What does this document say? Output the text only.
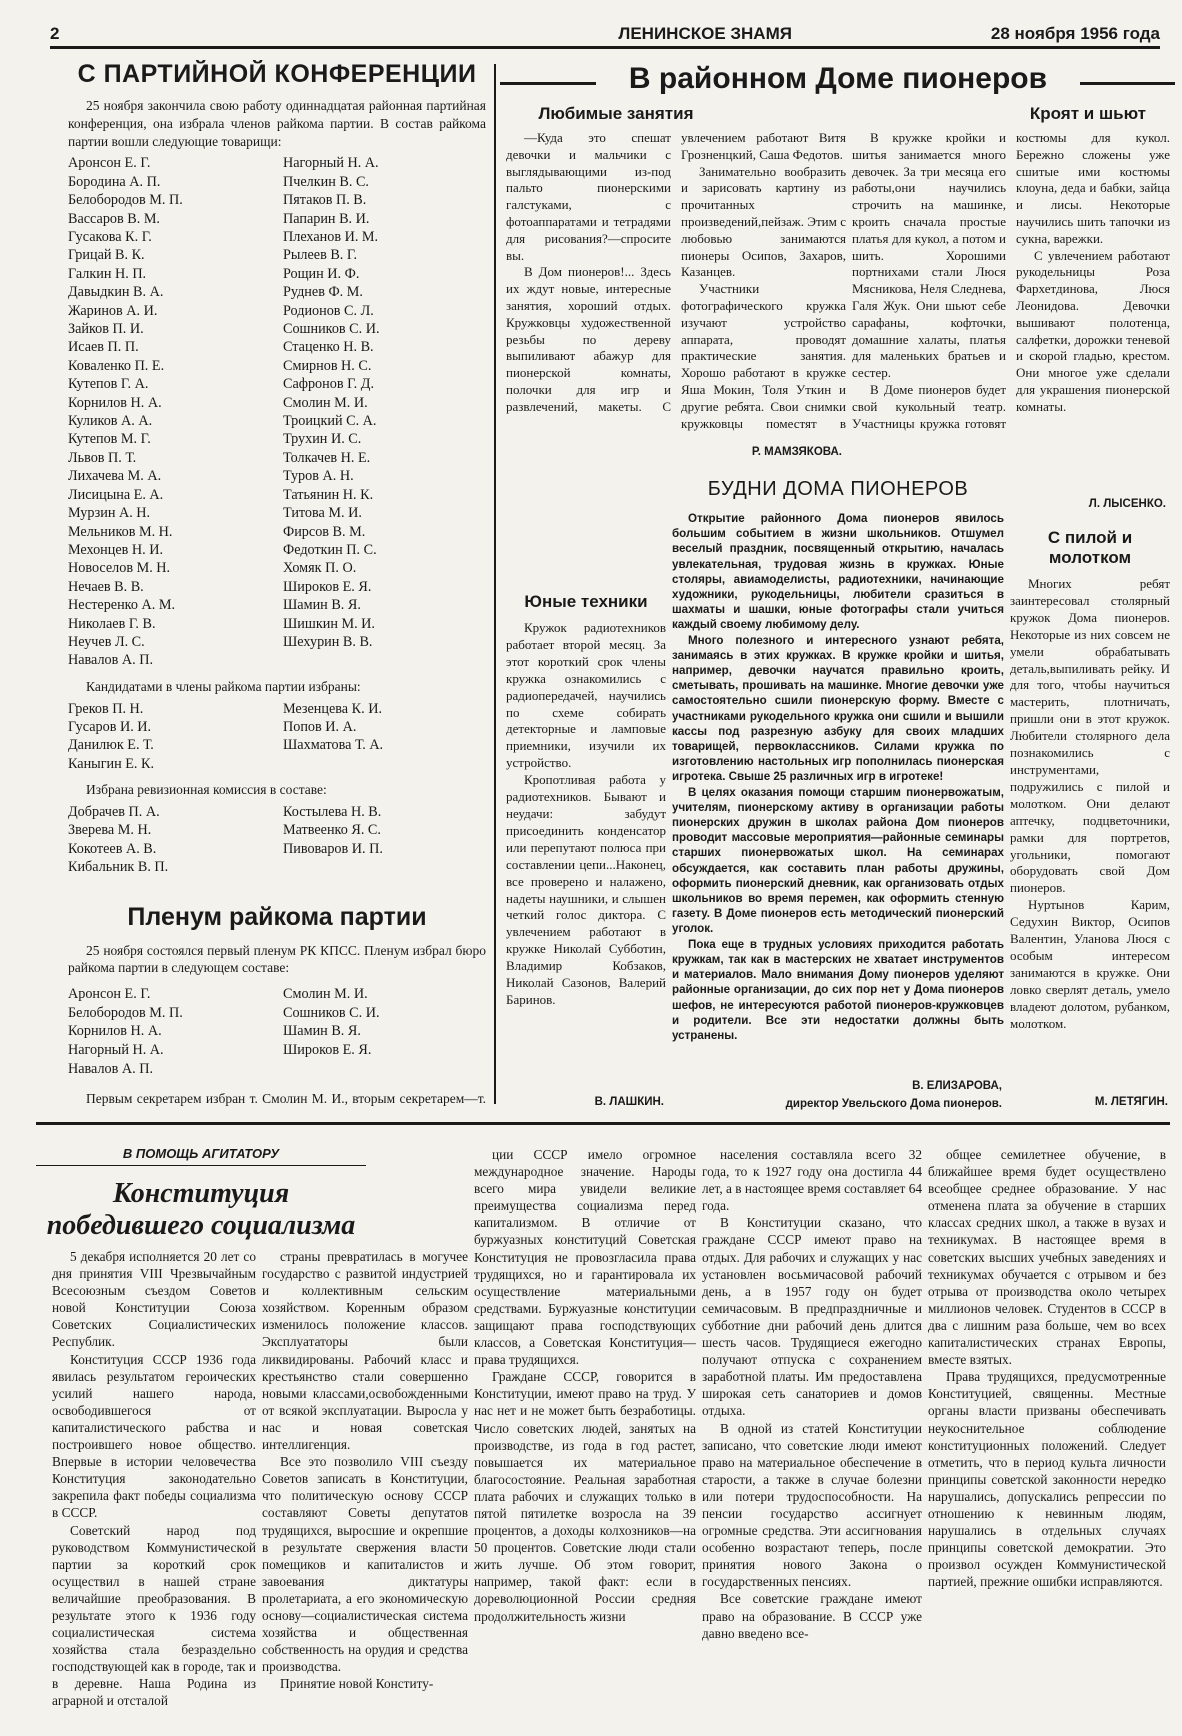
2	ЛЕНИНСКОЕ ЗНАМЯ	28 ноября 1956 года
С ПАРТИЙНОЙ КОНФЕРЕНЦИИ

25 ноября закончила свою работу одиннадцатая районная партийная конференция, она избрала членов райкома партии. В состав райкома партии вошли следующие товарищи:

Аронсон Е. Г.	Нагорный Н. А.
Бородина А. П.	Пчелкин В. С.
Белобородов М. П.	Пятаков П. В.
Вассаров В. М.	Папарин В. И.
Гусакова К. Г.	Плеханов И. М.
Грицай В. К.	Рылеев В. Г.
Галкин Н. П.	Рощин И. Ф.
Давыдкин В. А.	Руднев Ф. М.
Жаринов А. И.	Родионов С. Л.
Зайков П. И.	Сошников С. И.
Исаев П. П.	Стаценко Н. В.
Коваленко П. Е.	Смирнов Н. С.
Кутепов Г. А.	Сафронов Г. Д.
Корнилов Н. А.	Смолин М. И.
Куликов А. А.	Троицкий С. А.
Кутепов М. Г.	Трухин И. С.
Львов П. Т.	Толкачев Н. Е.
Лихачева М. А.	Туров А. Н.
Лисицына Е. А.	Татьянин Н. К.
Мурзин А. Н.	Титова М. И.
Мельников М. Н.	Фирсов В. М.
Мехонцев Н. И.	Федоткин П. С.
Новоселов М. Н.	Хомяк П. О.
Нечаев В. В.	Широков Е. Я.
Нестеренко А. М.	Шамин В. Я.
Николаев Г. В.	Шишкин М. И.
Неучев Л. С.	Шехурин В. В.
Навалов А. П.

Кандидатами в члены райкома партии избраны:

Греков П. Н.	Мезенцева К. И.
Гусаров И. И.	Попов И. А.
Данилюк Е. Т.	Шахматова Т. А.
Каныгин Е. К.

Избрана ревизионная комиссия в составе:

Добрачев П. А.	Костылева Н. В.
Зверева М. Н.	Матвеенко Я. С.
Кокотеев А. В.	Пивоваров И. П.
Кибальник В. П.

Пленум райкома партии

25 ноября состоялся первый пленум РК КПСС. Пленум избрал бюро райкома партии в следующем составе:

Аронсон Е. Г.	Смолин М. И.
Белобородов М. П.	Сошников С. И.
Корнилов Н. А.	Шамин В. Я.
Нагорный Н. А.	Широков Е. Я.
Навалов А. П.

Первым секретарем избран т. Смолин М. И., вторым секретарем—т.

В районном Доме пионеров
Любимые занятия

—Куда это спешат девочки и мальчики с выглядывающими из-под пальто пионерскими галстуками, с фотоаппаратами и тетрадями для рисования?—спросите вы.

В Дом пионеров!... Здесь их ждут новые, интересные занятия, хороший отдых. Кружковцы художественной резьбы по дереву выпиливают абажур для пионерской комнаты, полочки для игр и развлечений, макеты. С увлечением работают Витя Грозненцкий, Саша Федотов.

Занимательно вообразить и зарисовать картину из прочитанных произведений,пейзаж. Этим с любовью занимаются пионеры Осипов, Захаров, Казанцев.

Участники фотографического кружка изучают устройство аппарата, проводят практические занятия. Хорошо работают в кружке Яша Мокин, Толя Уткин и другие ребята. Свои снимки кружковцы поместят в

Р. МАМЗЯКОВА.
Кроят и шьют

В кружке кройки и шитья занимается много девочек. За три месяца его работы,они научились строчить на машинке, кроить сначала простые платья для кукол, а потом и шить. Хорошими портнихами стали Люся Мясникова, Неля Следнева, Галя Жук. Они шьют себе сарафаны, кофточки, домашние халаты, платья для маленьких братьев и сестер.

В Доме пионеров будет свой кукольный театр. Участницы кружка готовят костюмы для кукол. Бережно сложены уже сшитые ими костюмы клоуна, деда и бабки, зайца и лисы. Некоторые научились шить тапочки из сукна, варежки.

С увлечением работают рукодельницы Роза Фархетдинова, Люся Леонидова. Девочки вышивают полотенца, салфетки, дорожки теневой и скорой гладью, крестом. Они многое уже сделали для украшения пионерской комнаты.

Л. ЛЫСЕНКО.
Юные техники

Кружок радиотехников работает второй месяц. За этот короткий срок члены кружка ознакомились с радиопередачей, научились по схеме собирать детекторные и ламповые приемники, изучили их устройство.

Кропотливая работа у радиотехников. Бывают и неудачи: забудут присоединить конденсатор или перепутают полюса при составлении цепи...Наконец, все проверено и налажено, надеты наушники, и слышен четкий голос диктора. С увлечением работают в кружке Николай Субботин, Владимир Кобзаков, Николай Сазонов, Валерий Баринов.

В. ЛАШКИН.
БУДНИ ДОМА ПИОНЕРОВ

Открытие районного Дома пионеров явилось большим событием в жизни школьников. Отшумел веселый праздник, посвященный открытию, началась увлекательная, трудовая жизнь в кружках. Юные столяры, авиамоделисты, радиотехники, начинающие художники, рукодельницы, любители сразиться в шахматы и шашки, юные фотографы стали учиться каждый своему любимому делу.

Много полезного и интересного узнают ребята, занимаясь в этих кружках. В кружке кройки и шитья, например, девочки научатся правильно кроить, сметывать, прошивать на машинке. Многие девочки уже самостоятельно сшили пионерскую форму. Вместе с участниками рукодельного кружка они сшили и вышили кассы под разрезную азбуку для своих младших товарищей, первоклассников. Силами кружка по изготовлению настольных игр пополнилась пионерская игротека. Свыше 25 различных игр в игротеке!

В целях оказания помощи старшим пионервожатым, учителям, пионерскому активу в организации работы пионерских дружин в школах района Дом пионеров проводит массовые мероприятия—районные семинары старших пионервожатых школ. На семинарах обсуждается, как составить план работы дружины, оформить пионерский дневник, как организовать отдых школьников во время перемен, как оформить стенную газету. В Доме пионеров есть методический пионерский уголок.

Пока еще в трудных условиях приходится работать кружкам, так как в мастерских не хватает инструментов и материалов. Мало внимания Дому пионеров уделяют районные организации, до сих пор нет у Дома пионеров шефов, не интересуются работой пионеров-кружковцев и родители. Все эти недостатки должны быть устранены.

В. ЕЛИЗАРОВА,
директор Увельского Дома пионеров.
С пилой и молотком

Многих ребят заинтересовал столярный кружок Дома пионеров. Некоторые из них совсем не умели обрабатывать деталь,выпиливать рейку. И для того, чтобы научиться мастерить, плотничать, пришли они в этот кружок. Любители столярного дела познакомились с инструментами, подружились с пилой и молотком. Они делают аптечку, подцветочники, рамки для портретов, угольники, помогают оборудовать свой Дом пионеров.

Нуртынов Карим, Седухин Виктор, Осипов Валентин, Уланова Люся с особым интересом занимаются в кружке. Они ловко сверлят деталь, умело владеют долотом, рубанком, молотком.

М. ЛЕТЯГИН.
В ПОМОЩЬ АГИТАТОРУ
Конституция
победившего социализма

5 декабря исполняется 20 лет со дня принятия VIII Чрезвычайным Всесоюзным съездом Советов новой Конституции Союза Советских Социалистических Республик.

Конституция СССР 1936 года явилась результатом героических усилий нашего народа, освободившегося от капиталистического рабства и построившего новое общество. Впервые в истории человечества Конституция законодательно закрепила факт победы социализма в СССР.

Советский народ под руководством Коммунистической партии за короткий срок осуществил в нашей стране величайшие преобразования. В результате этого к 1936 году социалистическая система хозяйства стала безраздельно господствующей как в городе, так и в деревне. Наша Родина из аграрной и отсталой

страны превратилась в могучее государство с развитой индустрией и коллективным сельским хозяйством. Коренным образом изменилось положение классов. Эксплуататоры были ликвидированы. Рабочий класс и крестьянство стали совершенно новыми классами,освобожденными от всякой эксплуатации. Выросла у нас и новая советская интеллигенция.

Все это позволило VIII съезду Советов записать в Конституции, что политическую основу СССР составляют Советы депутатов трудящихся, выросшие и окрепшие в результате свержения власти помещиков и капиталистов и завоевания диктатуры пролетариата, а его экономическую основу—социалистическая система хозяйства и общественная собственность на орудия и средства производства.

Принятие новой Конститу-

ции СССР имело огромное международное значение. Народы всего мира увидели великие преимущества социализма перед капитализмом. В отличие от буржуазных конституций Советская Конституция не провозгласила права трудящихся, но и гарантировала их осуществление материальными средствами. Буржуазные конституции защищают права господствующих классов, а Советская Конституция—права трудящихся.

Граждане СССР, говорится в Конституции, имеют право на труд. У нас нет и не может быть безработицы. Число советских людей, занятых на производстве, из года в год растет, повышается их материальное благосостояние. Реальная заработная плата рабочих и служащих только в пятой пятилетке возросла на 39 процентов, а доходы колхозников—на 50 процентов. Советские люди стали жить лучше. Об этом говорит, например, такой факт: если в дореволюционной России средняя продолжительность жизни

населения составляла всего 32 года, то к 1927 году она достигла 44 лет, а в настоящее время составляет 64 года.

В Конституции сказано, что граждане СССР имеют право на отдых. Для рабочих и служащих у нас установлен восьмичасовой рабочий день, а в 1957 году он будет семичасовым. В предпраздничные и субботние дни рабочий день длится шесть часов. Трудящиеся ежегодно получают отпуска с сохранением заработной платы. Им предоставлена широкая сеть санаториев и домов отдыха.

В одной из статей Конституции записано, что советские люди имеют право на материальное обеспечение в старости, а также в случае болезни или потери трудоспособности. На пенсии государство ассигнует огромные средства. Эти ассигнования особенно возрастают теперь, после принятия нового Закона о государственных пенсиях.

Все советские граждане имеют право на образование. В СССР уже давно введено все-

общее семилетнее обучение, в ближайшее время будет осуществлено всеобщее среднее образование. У нас отменена плата за обучение в старших классах средних школ, а также в вузах и техникумах. В настоящее время в советских высших учебных заведениях и техникумах обучается с отрывом и без отрыва от производства около четырех миллионов человек. Студентов в СССР в два с лишним раза больше, чем во всех капиталистических странах Европы, вместе взятых.

Права трудящихся, предусмотренные Конституцией, священны. Местные органы власти призваны обеспечивать неукоснительное соблюдение конституционных положений. Следует отметить, что в период культа личности принципы советской законности нередко нарушались, допускались репрессии по отношению к невинным людям, нарушались в отдельных случаях принципы советской демократии. Это произвол осужден Коммунистической партией, прежние ошибки исправляются.
